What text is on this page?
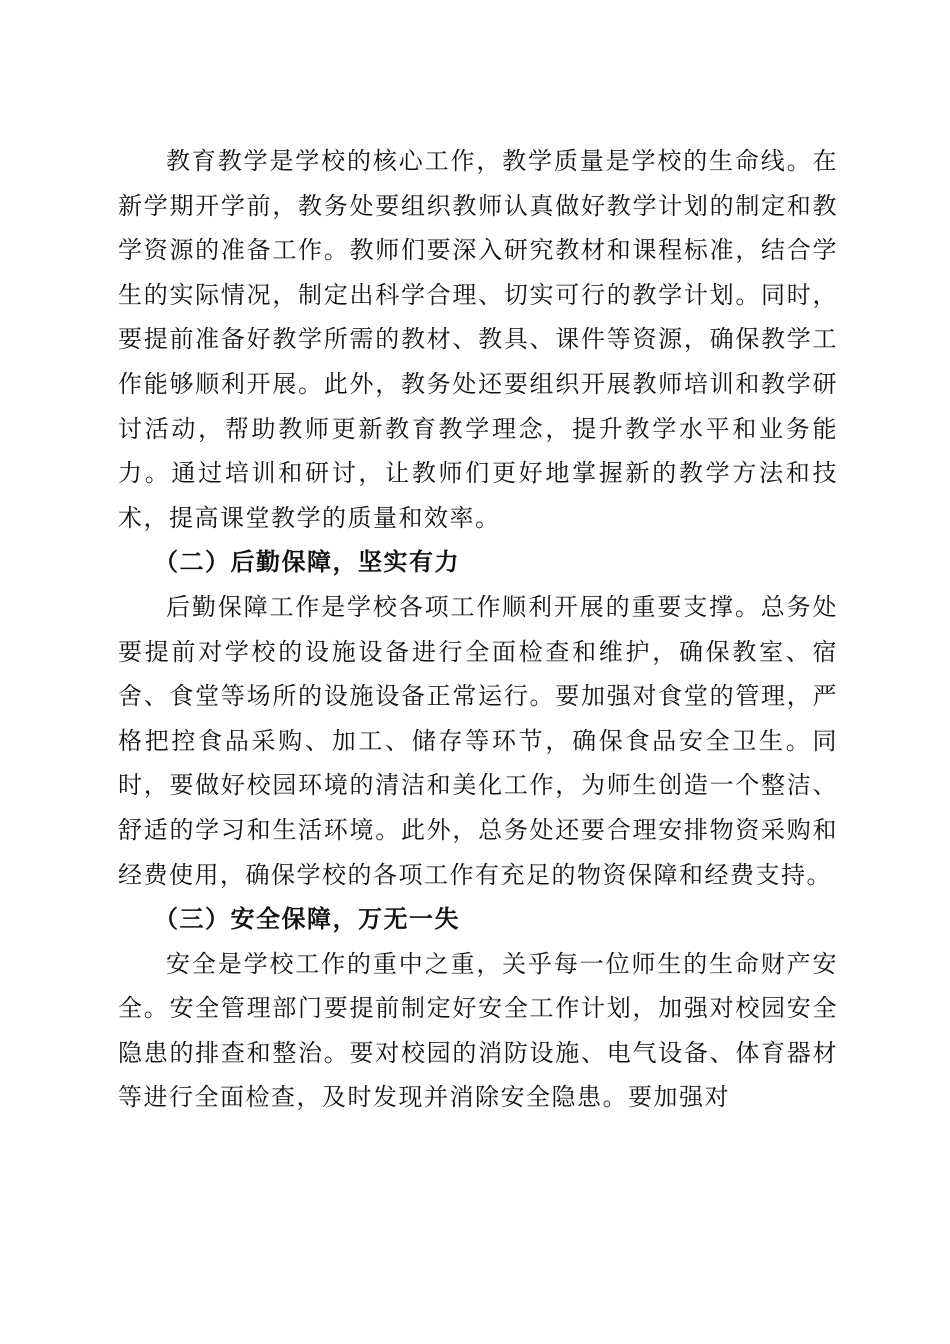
教育教学是学校的核心工作，教学质量是学校的生命线。在新学期开学前，教务处要组织教师认真做好教学计划的制定和教学资源的准备工作。教师们要深入研究教材和课程标准，结合学生的实际情况，制定出科学合理、切实可行的教学计划。同时，要提前准备好教学所需的教材、教具、课件等资源，确保教学工作能够顺利开展。此外，教务处还要组织开展教师培训和教学研讨活动，帮助教师更新教育教学理念，提升教学水平和业务能力。通过培训和研讨，让教师们更好地掌握新的教学方法和技术，提高课堂教学的质量和效率。

（二）后勤保障，坚实有力

后勤保障工作是学校各项工作顺利开展的重要支撑。总务处要提前对学校的设施设备进行全面检查和维护，确保教室、宿舍、食堂等场所的设施设备正常运行。要加强对食堂的管理，严格把控食品采购、加工、储存等环节，确保食品安全卫生。同时，要做好校园环境的清洁和美化工作，为师生创造一个整洁、舒适的学习和生活环境。此外，总务处还要合理安排物资采购和经费使用，确保学校的各项工作有充足的物资保障和经费支持。

（三）安全保障，万无一失

安全是学校工作的重中之重，关乎每一位师生的生命财产安全。安全管理部门要提前制定好安全工作计划，加强对校园安全隐患的排查和整治。要对校园的消防设施、电气设备、体育器材等进行全面检查，及时发现并消除安全隐患。要加强对
